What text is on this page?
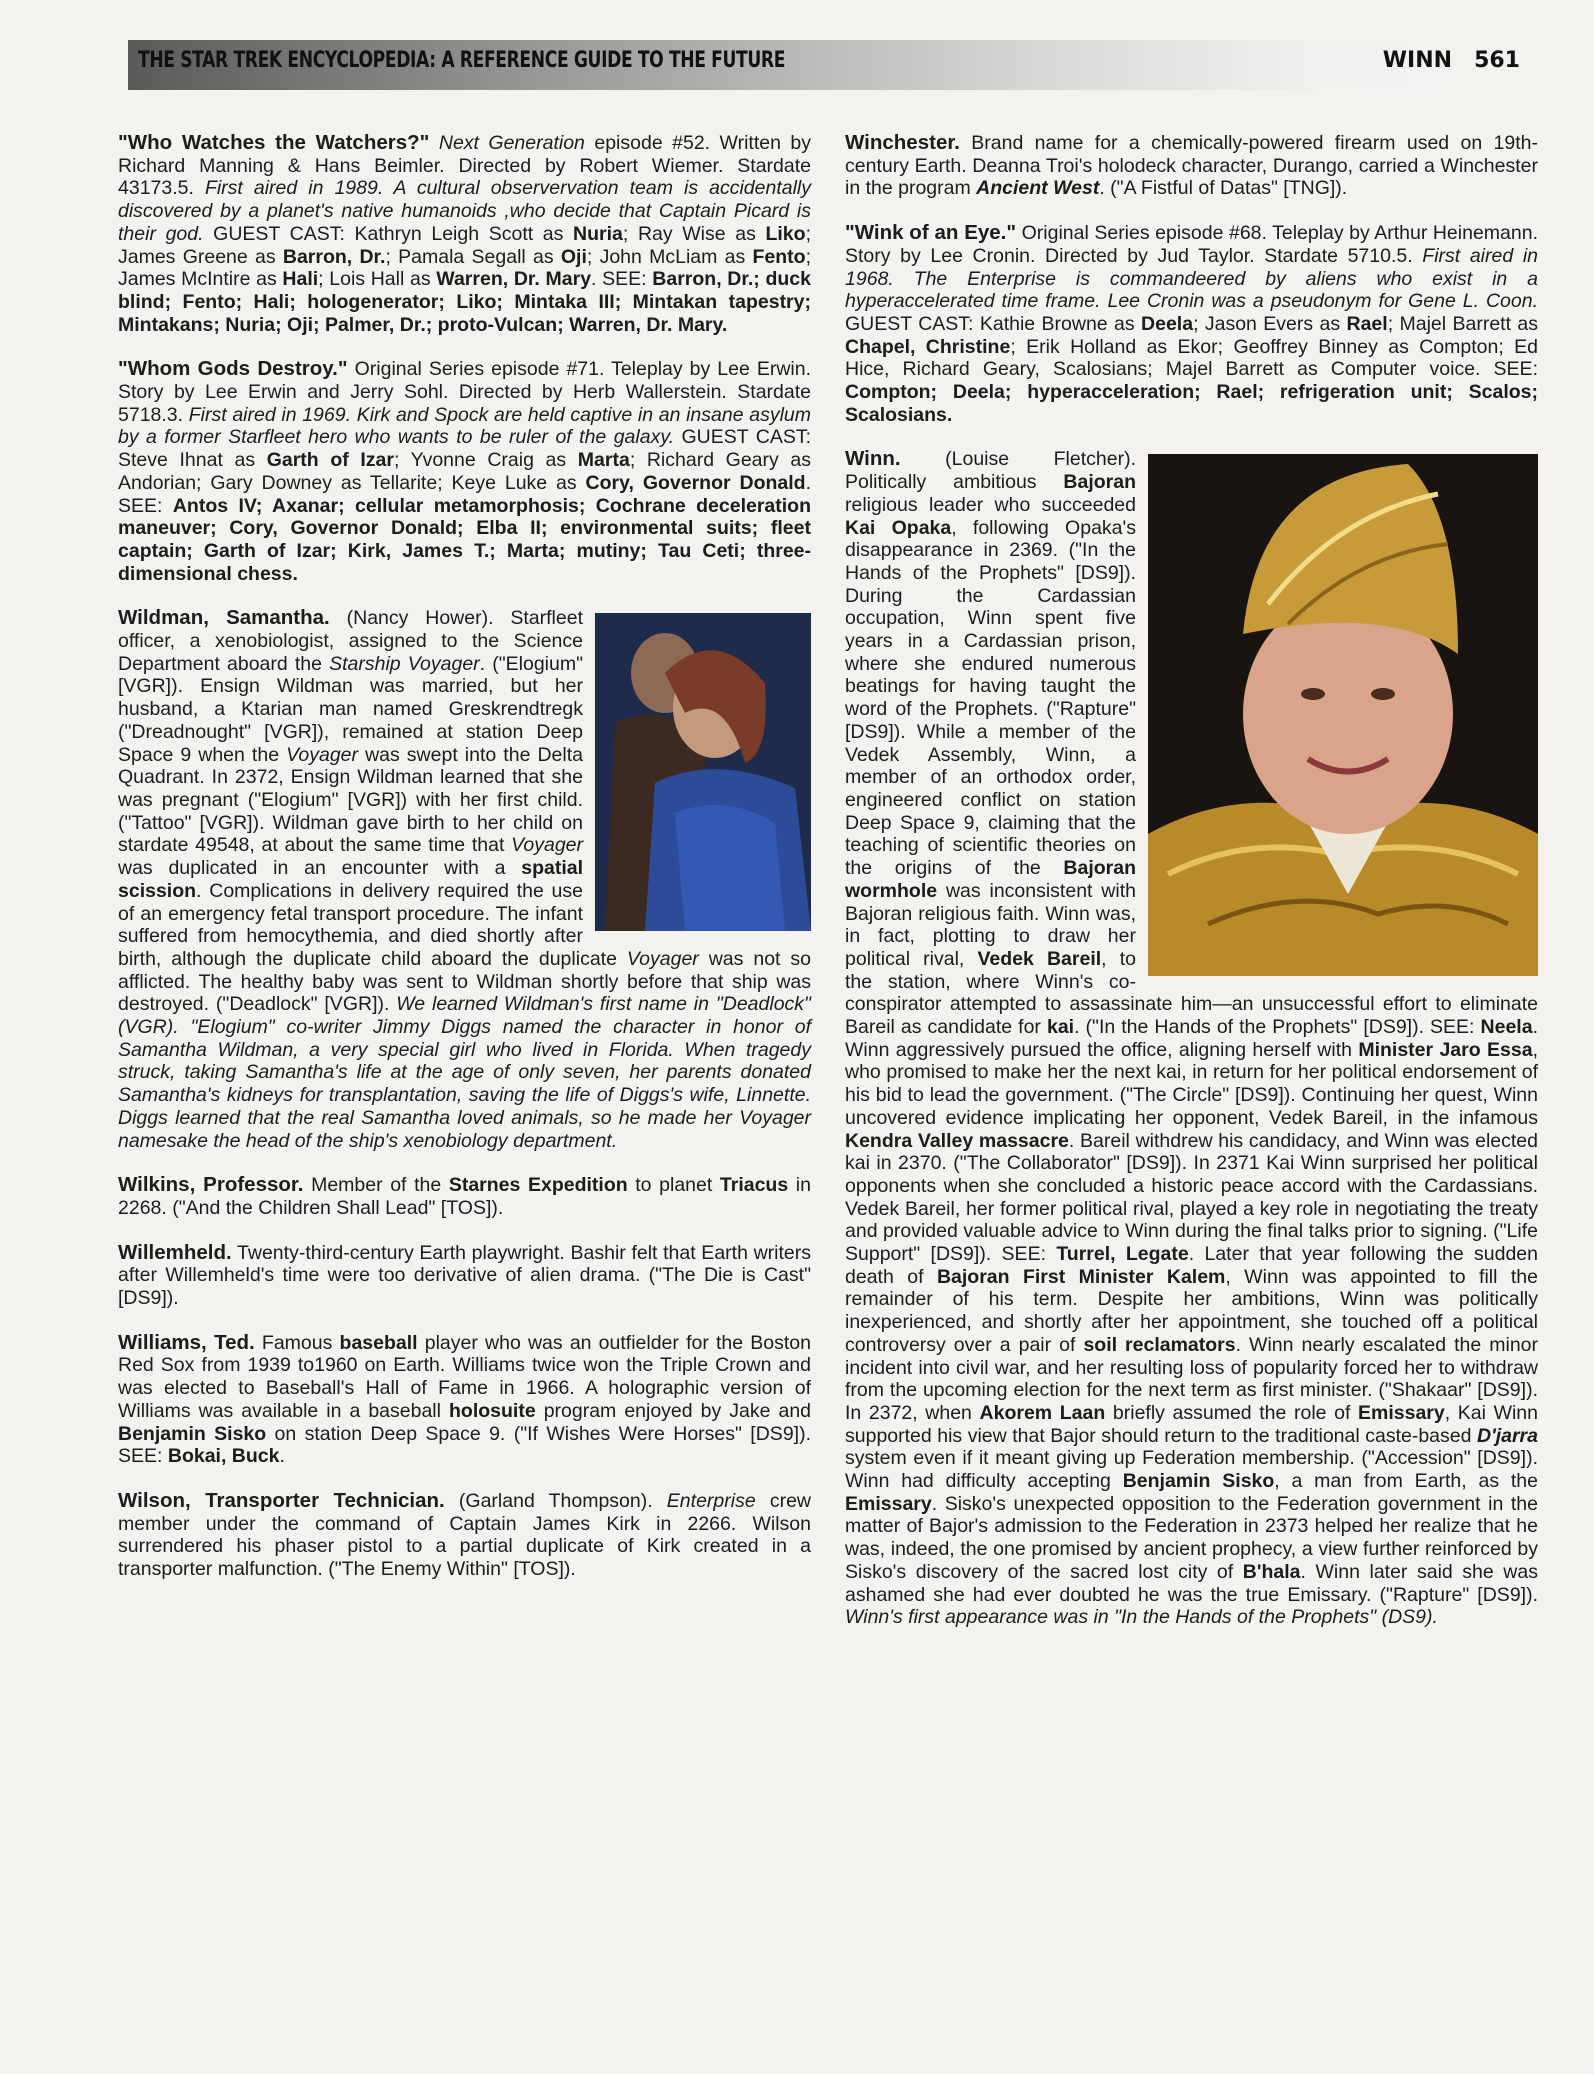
THE STAR TREK ENCYCLOPEDIA: A REFERENCE GUIDE TO THE FUTURE	WINN 561

"Who Watches the Watchers?" Next Generation episode #52. Written by Richard Manning & Hans Beimler. Directed by Robert Wiemer. Stardate 43173.5. First aired in 1989. A cultural observervation team is accidentally discovered by a planet's native humanoids ,who decide that Captain Picard is their god. GUEST CAST: Kathryn Leigh Scott as Nuria; Ray Wise as Liko; James Greene as Barron, Dr.; Pamala Segall as Oji; John McLiam as Fento; James McIntire as Hali; Lois Hall as Warren, Dr. Mary. SEE: Barron, Dr.; duck blind; Fento; Hali; hologenerator; Liko; Mintaka III; Mintakan tapestry; Mintakans; Nuria; Oji; Palmer, Dr.; proto-Vulcan; Warren, Dr. Mary.

"Whom Gods Destroy." Original Series episode #71. Teleplay by Lee Erwin. Story by Lee Erwin and Jerry Sohl. Directed by Herb Wallerstein. Stardate 5718.3. First aired in 1969. Kirk and Spock are held captive in an insane asylum by a former Starfleet hero who wants to be ruler of the galaxy. GUEST CAST: Steve Ihnat as Garth of Izar; Yvonne Craig as Marta; Richard Geary as Andorian; Gary Downey as Tellarite; Keye Luke as Cory, Governor Donald. SEE: Antos IV; Axanar; cellular metamorphosis; Cochrane deceleration maneuver; Cory, Governor Donald; Elba II; environmental suits; fleet captain; Garth of Izar; Kirk, James T.; Marta; mutiny; Tau Ceti; three-dimensional chess.

Wildman, Samantha. (Nancy Hower). Starfleet officer, a xenobiologist, assigned to the Science Department aboard the Starship Voyager. ("Elogium" [VGR]). Ensign Wildman was married, but her husband, a Ktarian man named Greskrendtregk ("Dreadnought" [VGR]), remained at station Deep Space 9 when the Voyager was swept into the Delta Quadrant. In 2372, Ensign Wildman learned that she was pregnant ("Elogium" [VGR]) with her first child. ("Tattoo" [VGR]). Wildman gave birth to her child on stardate 49548, at about the same time that Voyager was duplicated in an encounter with a spatial scission. Complications in delivery required the use of an emergency fetal transport procedure. The infant suffered from hemocythemia, and died shortly after birth, although the duplicate child aboard the duplicate Voyager was not so afflicted. The healthy baby was sent to Wildman shortly before that ship was destroyed. ("Deadlock" [VGR]). We learned Wildman's first name in "Deadlock" (VGR). "Elogium" co-writer Jimmy Diggs named the character in honor of Samantha Wildman, a very special girl who lived in Florida. When tragedy struck, taking Samantha's life at the age of only seven, her parents donated Samantha's kidneys for transplantation, saving the life of Diggs's wife, Linnette. Diggs learned that the real Samantha loved animals, so he made her Voyager namesake the head of the ship's xenobiology department.

Wilkins, Professor. Member of the Starnes Expedition to planet Triacus in 2268. ("And the Children Shall Lead" [TOS]).

Willemheld. Twenty-third-century Earth playwright. Bashir felt that Earth writers after Willemheld's time were too derivative of alien drama. ("The Die is Cast" [DS9]).

Williams, Ted. Famous baseball player who was an outfielder for the Boston Red Sox from 1939 to1960 on Earth. Williams twice won the Triple Crown and was elected to Baseball's Hall of Fame in 1966. A holographic version of Williams was available in a baseball holosuite program enjoyed by Jake and Benjamin Sisko on station Deep Space 9. ("If Wishes Were Horses" [DS9]). SEE: Bokai, Buck.

Wilson, Transporter Technician. (Garland Thompson). Enterprise crew member under the command of Captain James Kirk in 2266. Wilson surrendered his phaser pistol to a partial duplicate of Kirk created in a transporter malfunction. ("The Enemy Within" [TOS]).

Winchester. Brand name for a chemically-powered firearm used on 19th-century Earth. Deanna Troi's holodeck character, Durango, carried a Winchester in the program Ancient West. ("A Fistful of Datas" [TNG]).

"Wink of an Eye." Original Series episode #68. Teleplay by Arthur Heinemann. Story by Lee Cronin. Directed by Jud Taylor. Stardate 5710.5. First aired in 1968. The Enterprise is commandeered by aliens who exist in a hyperaccelerated time frame. Lee Cronin was a pseudonym for Gene L. Coon. GUEST CAST: Kathie Browne as Deela; Jason Evers as Rael; Majel Barrett as Chapel, Christine; Erik Holland as Ekor; Geoffrey Binney as Compton; Ed Hice, Richard Geary, Scalosians; Majel Barrett as Computer voice. SEE: Compton; Deela; hyperacceleration; Rael; refrigeration unit; Scalos; Scalosians.

Winn. (Louise Fletcher). Politically ambitious Bajoran religious leader who succeeded Kai Opaka, following Opaka's disappearance in 2369. ("In the Hands of the Prophets" [DS9]). During the Cardassian occupation, Winn spent five years in a Cardassian prison, where she endured numerous beatings for having taught the word of the Prophets. ("Rapture" [DS9]). While a member of the Vedek Assembly, Winn, a member of an orthodox order, engineered conflict on station Deep Space 9, claiming that the teaching of scientific theories on the origins of the Bajoran wormhole was inconsistent with Bajoran religious faith. Winn was, in fact, plotting to draw her political rival, Vedek Bareil, to the station, where Winn's co-conspirator attempted to assassinate him—an unsuccessful effort to eliminate Bareil as candidate for kai. ("In the Hands of the Prophets" [DS9]). SEE: Neela. Winn aggressively pursued the office, aligning herself with Minister Jaro Essa, who promised to make her the next kai, in return for her political endorsement of his bid to lead the government. ("The Circle" [DS9]). Continuing her quest, Winn uncovered evidence implicating her opponent, Vedek Bareil, in the infamous Kendra Valley massacre. Bareil withdrew his candidacy, and Winn was elected kai in 2370. ("The Collaborator" [DS9]). In 2371 Kai Winn surprised her political opponents when she concluded a historic peace accord with the Cardassians. Vedek Bareil, her former political rival, played a key role in negotiating the treaty and provided valuable advice to Winn during the final talks prior to signing. ("Life Support" [DS9]). SEE: Turrel, Legate. Later that year following the sudden death of Bajoran First Minister Kalem, Winn was appointed to fill the remainder of his term. Despite her ambitions, Winn was politically inexperienced, and shortly after her appointment, she touched off a political controversy over a pair of soil reclamators. Winn nearly escalated the minor incident into civil war, and her resulting loss of popularity forced her to withdraw from the upcoming election for the next term as first minister. ("Shakaar" [DS9]). In 2372, when Akorem Laan briefly assumed the role of Emissary, Kai Winn supported his view that Bajor should return to the traditional caste-based D'jarra system even if it meant giving up Federation membership. ("Accession" [DS9]). Winn had difficulty accepting Benjamin Sisko, a man from Earth, as the Emissary. Sisko's unexpected opposition to the Federation government in the matter of Bajor's admission to the Federation in 2373 helped her realize that he was, indeed, the one promised by ancient prophecy, a view further reinforced by Sisko's discovery of the sacred lost city of B'hala. Winn later said she was ashamed she had ever doubted he was the true Emissary. ("Rapture" [DS9]). Winn's first appearance was in "In the Hands of the Prophets" (DS9).
